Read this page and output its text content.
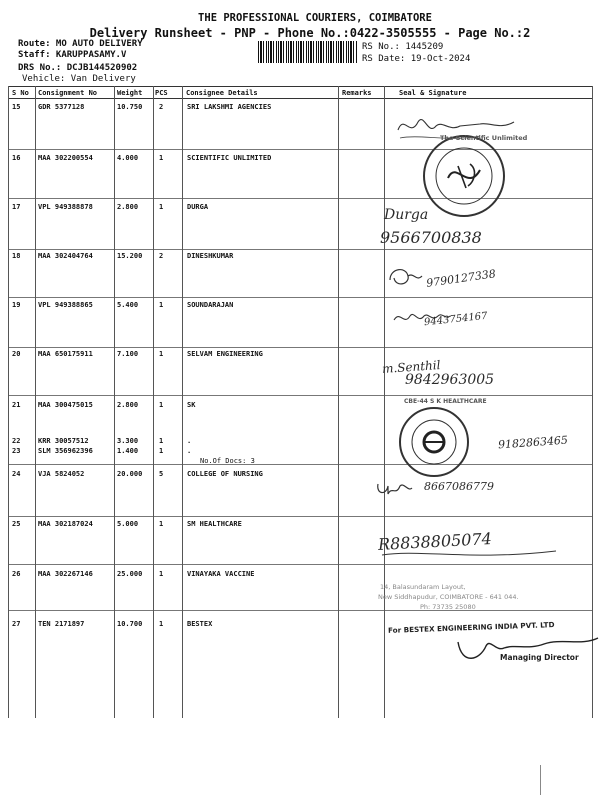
THE PROFESSIONAL COURIERS, COIMBATORE
Delivery Runsheet - PNP - Phone No.:0422-3505555 - Page No.:2
Route: MO AUTO DELIVERY
Staff: KARUPPASAMY.V
DRS No.: DCJB144520902
Vehicle: Van Delivery
RS No.: 1445209
RS Date: 19-Oct-2024
S No Consignment No	Weight PCS	Consignee Details	Remarks	Seal & Signature
15	GDR 5377128	10.750 2	SRI LAKSHMI AGENCIES
16	MAA 302200554	4.000	1	SCIENTIFIC UNLIMITED
17	VPL 949388878	2.800	1	DURGA
18	MAA 302404764	15.200 2	DINESHKUMAR
19	VPL 949388865	5.400	1	SOUNDARAJAN
20	MAA 650175911	7.100	1	SELVAM ENGINEERING
21	MAA 300475015	2.800	1	SK
22	KRR 30057512	3.300	1	.
23	SLM 356962396	1.400	1	.
No.Of Docs: 3
24	VJA 5824052	20.000 5	COLLEGE OF NURSING
25	MAA 302187024	5.000	1	SM HEALTHCARE
26	MAA 302267146	25.000 1	VINAYAKA VACCINE
27	TEN 2171897	10.700 1	BESTEX
The Scientific Unlimited
Durga
9566700838
9790127338
9443754167
m.Senthil
9842963005
CBE-44 S K HEALTHCARE
9182863465
8667086779
R8838805074
14, Balasundaram Layout,
New Siddhapudur, COIMBATORE - 641 044.
Ph: 73735 25080
For BESTEX ENGINEERING INDIA PVT. LTD
Managing Director
